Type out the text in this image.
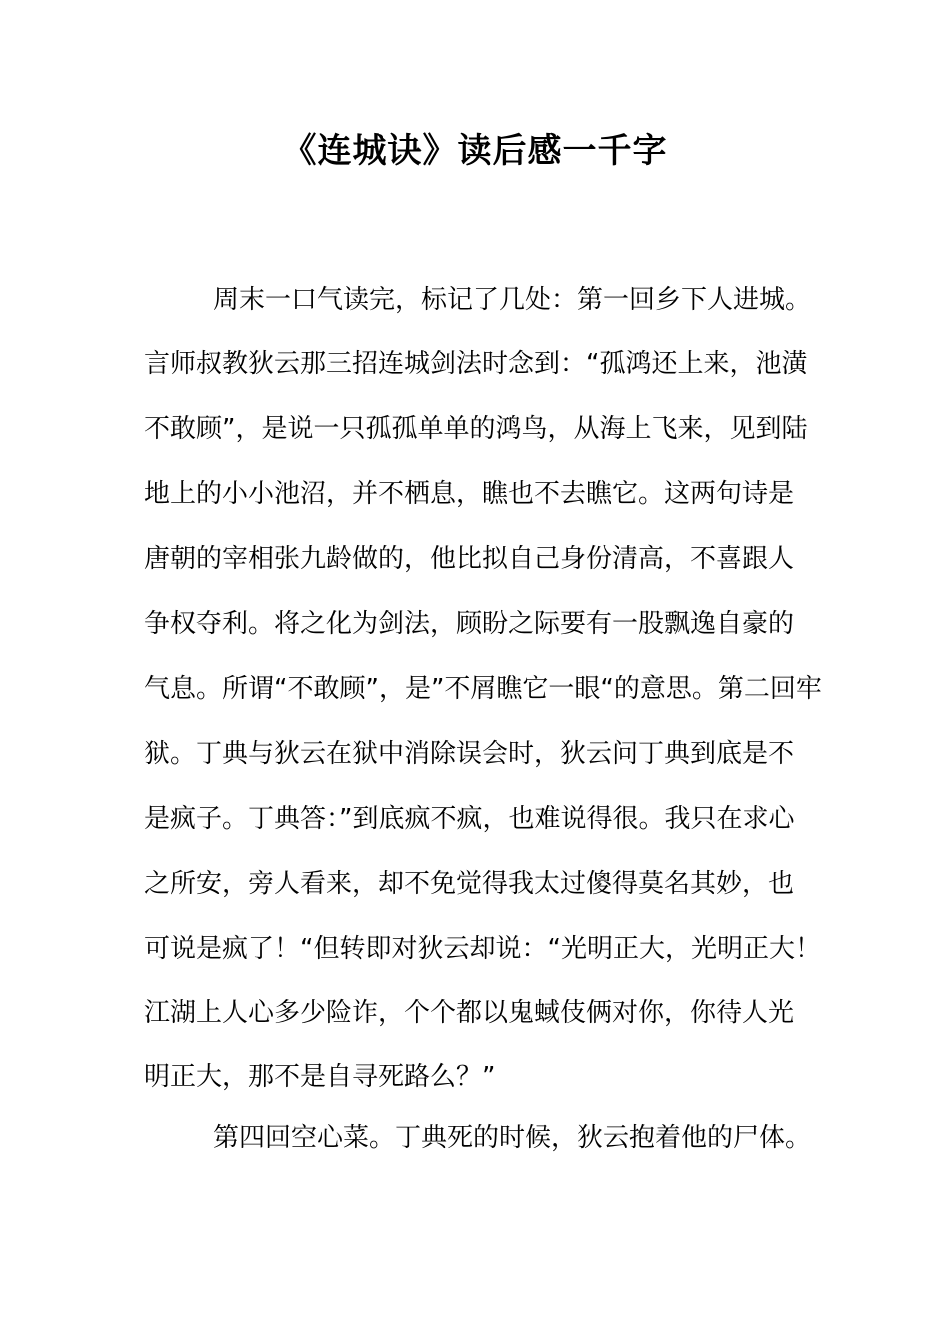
《连城诀》读后感一千字
周末一口气读完，标记了几处：第一回乡下人进城。
言师叔教狄云那三招连城剑法时念到：“孤鸿还上来，池潢
不敢顾”，是说一只孤孤单单的鸿鸟，从海上飞来，见到陆
地上的小小池沼，并不栖息，瞧也不去瞧它。这两句诗是
唐朝的宰相张九龄做的，他比拟自己身份清高，不喜跟人
争权夺利。将之化为剑法，顾盼之际要有一股飘逸自豪的
气息。所谓“不敢顾”，是”不屑瞧它一眼“的意思。第二回牢
狱。丁典与狄云在狱中消除误会时，狄云问丁典到底是不
是疯子。丁典答：”到底疯不疯，也难说得很。我只在求心
之所安，旁人看来，却不免觉得我太过傻得莫名其妙，也
可说是疯了！“但转即对狄云却说：“光明正大，光明正大！
江湖上人心多少险诈，个个都以鬼蜮伎俩对你，你待人光
明正大，那不是自寻死路么？”
第四回空心菜。丁典死的时候，狄云抱着他的尸体。
